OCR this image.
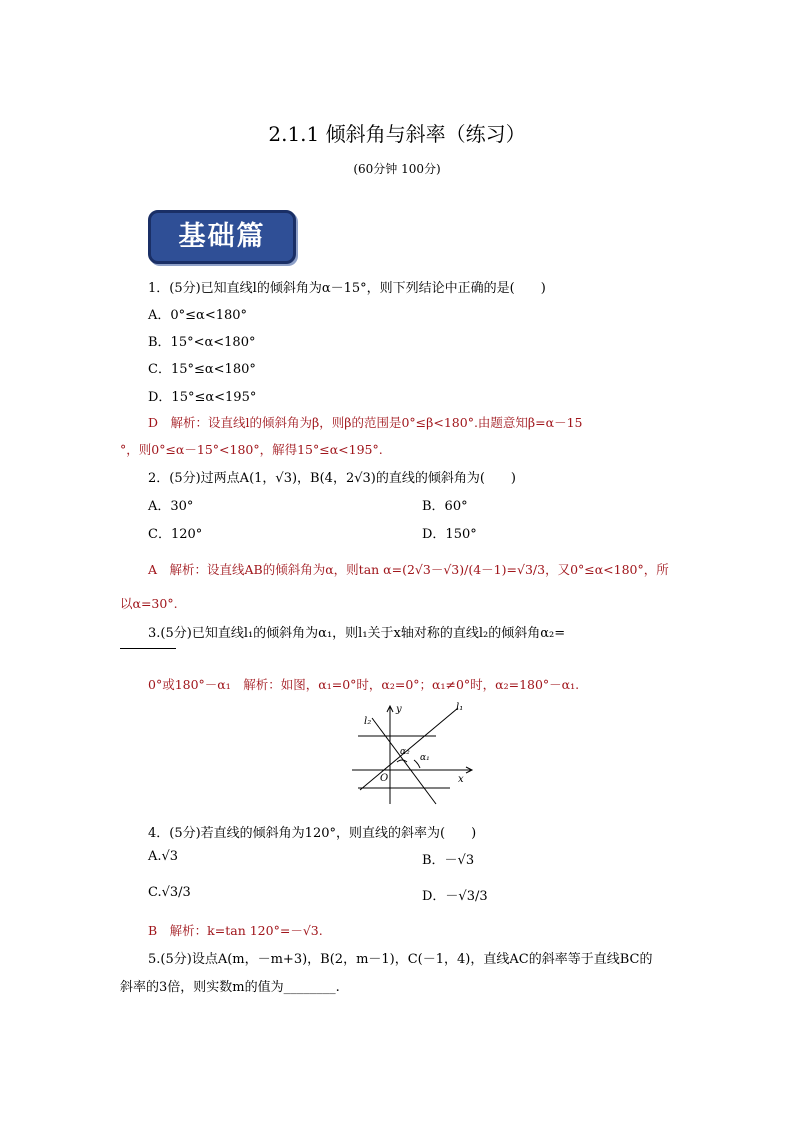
2.1.1 倾斜角与斜率（练习）
(60分钟 100分)
基础篇
1．(5分)已知直线l的倾斜角为α－15°，则下列结论中正确的是(　　)
A．0°≤α<180°
B．15°<α<180°
C．15°≤α<180°
D．15°≤α<195°
D　解析：设直线l的倾斜角为β，则β的范围是0°≤β<180°.由题意知β=α－15
°，则0°≤α－15°<180°，解得15°≤α<195°.
2．(5分)过两点A(1，√3)，B(4，2√3)的直线的倾斜角为(　　)
A．30°	B．60°
C．120°	D．150°
A　解析：设直线AB的倾斜角为α，则tan α=(2√3－√3)/(4－1)=√3/3，又0°≤α<180°，所
以α=30°.
3.(5分)已知直线l₁的倾斜角为α₁，则l₁关于x轴对称的直线l₂的倾斜角α₂=
0°或180°－α₁　解析：如图，α₁=0°时，α₂=0°；α₁≠0°时，α₂=180°－α₁.
l₂
y	l₁
α₂
α₁
O	x
4．(5分)若直线的倾斜角为120°，则直线的斜率为(　　)
A.√3	B．－√3
C.√3/3	D．－√3/3
B　解析：k=tan 120°=－√3.
5.(5分)设点A(m，－m+3)，B(2，m－1)，C(－1，4)，直线AC的斜率等于直线BC的
斜率的3倍，则实数m的值为________.
